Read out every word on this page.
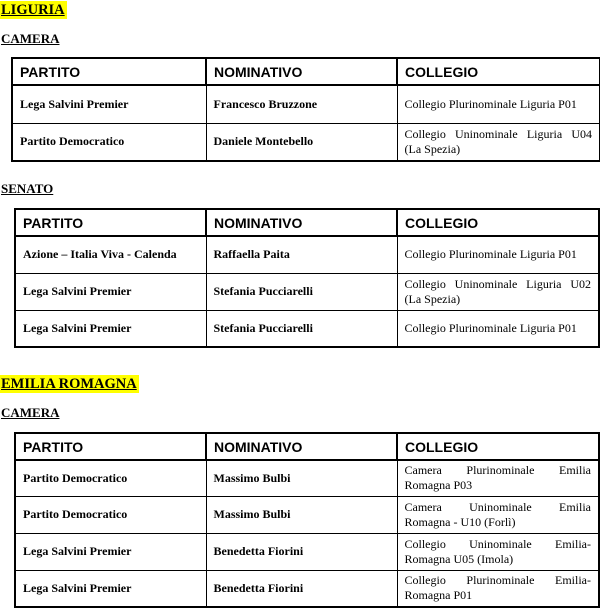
LIGURIA
CAMERA
PARTITO	NOMINATIVO	COLLEGIO
Lega Salvini Premier	Francesco Bruzzone	Collegio Plurinominale Liguria P01
Partito Democratico	Daniele Montebello	Collegio Uninominale Liguria U04 (La Spezia)
SENATO
PARTITO	NOMINATIVO	COLLEGIO
Azione – Italia Viva - Calenda	Raffaella Paita	Collegio Plurinominale Liguria P01
Lega Salvini Premier	Stefania Pucciarelli	Collegio Uninominale Liguria U02 (La Spezia)
Lega Salvini Premier	Stefania Pucciarelli	Collegio Plurinominale Liguria P01
EMILIA ROMAGNA
CAMERA
PARTITO	NOMINATIVO	COLLEGIO
Partito Democratico	Massimo Bulbi	Camera Plurinominale Emilia Romagna P03
Partito Democratico	Massimo Bulbi	Camera Uninominale Emilia Romagna - U10 (Forlì)
Lega Salvini Premier	Benedetta Fiorini	Collegio Uninominale Emilia-Romagna U05 (Imola)
Lega Salvini Premier	Benedetta Fiorini	Collegio Plurinominale Emilia-Romagna P01
